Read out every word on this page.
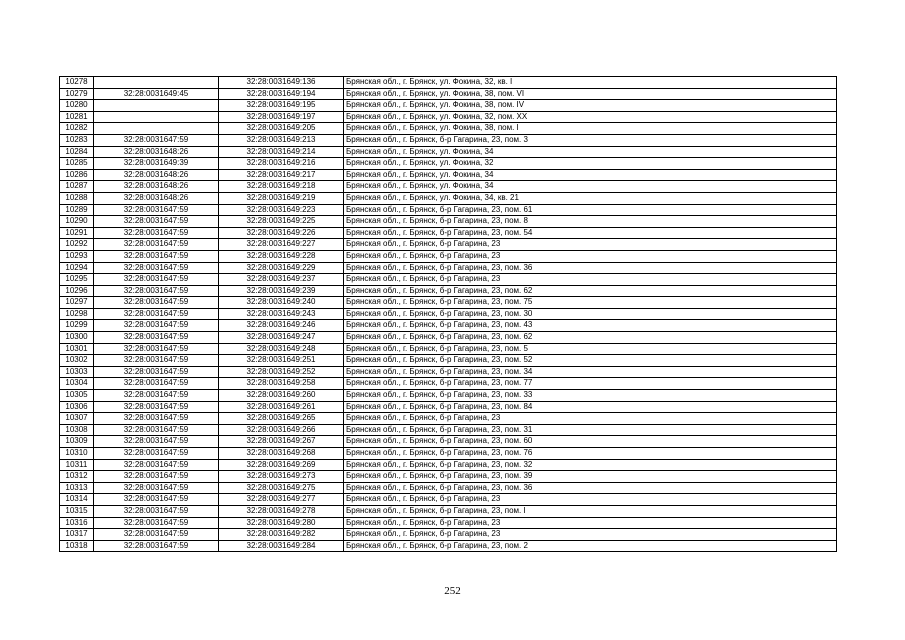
10278		32:28:0031649:136	Брянская обл., г. Брянск, ул. Фокина, 32, кв. I
10279	32:28:0031649:45	32:28:0031649:194	Брянская обл., г. Брянск, ул. Фокина, 38, пом. VI
10280		32:28:0031649:195	Брянская обл., г. Брянск, ул. Фокина, 38, пом. IV
10281		32:28:0031649:197	Брянская обл., г. Брянск, ул. Фокина, 32, пом. XX
10282		32:28:0031649:205	Брянская обл., г. Брянск, ул. Фокина, 38, пом. I
10283	32:28:0031647:59	32:28:0031649:213	Брянская обл., г. Брянск, б-р Гагарина, 23, пом. 3
10284	32:28:0031648:26	32:28:0031649:214	Брянская обл., г. Брянск, ул. Фокина, 34
10285	32:28:0031649:39	32:28:0031649:216	Брянская обл., г. Брянск, ул. Фокина, 32
10286	32:28:0031648:26	32:28:0031649:217	Брянская обл., г. Брянск, ул. Фокина, 34
10287	32:28:0031648:26	32:28:0031649:218	Брянская обл., г. Брянск, ул. Фокина, 34
10288	32:28:0031648:26	32:28:0031649:219	Брянская обл., г. Брянск, ул. Фокина, 34, кв. 21
10289	32:28:0031647:59	32:28:0031649:223	Брянская обл., г. Брянск, б-р Гагарина, 23, пом. 61
10290	32:28:0031647:59	32:28:0031649:225	Брянская обл., г. Брянск, б-р Гагарина, 23, пом. 8
10291	32:28:0031647:59	32:28:0031649:226	Брянская обл., г. Брянск, б-р Гагарина, 23, пом. 54
10292	32:28:0031647:59	32:28:0031649:227	Брянская обл., г. Брянск, б-р Гагарина, 23
10293	32:28:0031647:59	32:28:0031649:228	Брянская обл., г. Брянск, б-р Гагарина, 23
10294	32:28:0031647:59	32:28:0031649:229	Брянская обл., г. Брянск, б-р Гагарина, 23, пом. 36
10295	32:28:0031647:59	32:28:0031649:237	Брянская обл., г. Брянск, б-р Гагарина, 23
10296	32:28:0031647:59	32:28:0031649:239	Брянская обл., г. Брянск, б-р Гагарина, 23, пом. 62
10297	32:28:0031647:59	32:28:0031649:240	Брянская обл., г. Брянск, б-р Гагарина, 23, пом. 75
10298	32:28:0031647:59	32:28:0031649:243	Брянская обл., г. Брянск, б-р Гагарина, 23, пом. 30
10299	32:28:0031647:59	32:28:0031649:246	Брянская обл., г. Брянск, б-р Гагарина, 23, пом. 43
10300	32:28:0031647:59	32:28:0031649:247	Брянская обл., г. Брянск, б-р Гагарина, 23, пом. 62
10301	32:28:0031647:59	32:28:0031649:248	Брянская обл., г. Брянск, б-р Гагарина, 23, пом. 5
10302	32:28:0031647:59	32:28:0031649:251	Брянская обл., г. Брянск, б-р Гагарина, 23, пом. 52
10303	32:28:0031647:59	32:28:0031649:252	Брянская обл., г. Брянск, б-р Гагарина, 23, пом. 34
10304	32:28:0031647:59	32:28:0031649:258	Брянская обл., г. Брянск, б-р Гагарина, 23, пом. 77
10305	32:28:0031647:59	32:28:0031649:260	Брянская обл., г. Брянск, б-р Гагарина, 23, пом. 33
10306	32:28:0031647:59	32:28:0031649:261	Брянская обл., г. Брянск, б-р Гагарина, 23, пом. 84
10307	32:28:0031647:59	32:28:0031649:265	Брянская обл., г. Брянск, б-р Гагарина, 23
10308	32:28:0031647:59	32:28:0031649:266	Брянская обл., г. Брянск, б-р Гагарина, 23, пом. 31
10309	32:28:0031647:59	32:28:0031649:267	Брянская обл., г. Брянск, б-р Гагарина, 23, пом. 60
10310	32:28:0031647:59	32:28:0031649:268	Брянская обл., г. Брянск, б-р Гагарина, 23, пом. 76
10311	32:28:0031647:59	32:28:0031649:269	Брянская обл., г. Брянск, б-р Гагарина, 23, пом. 32
10312	32:28:0031647:59	32:28:0031649:273	Брянская обл., г. Брянск, б-р Гагарина, 23, пом. 39
10313	32:28:0031647:59	32:28:0031649:275	Брянская обл., г. Брянск, б-р Гагарина, 23, пом. 36
10314	32:28:0031647:59	32:28:0031649:277	Брянская обл., г. Брянск, б-р Гагарина, 23
10315	32:28:0031647:59	32:28:0031649:278	Брянская обл., г. Брянск, б-р Гагарина, 23, пом. I
10316	32:28:0031647:59	32:28:0031649:280	Брянская обл., г. Брянск, б-р Гагарина, 23
10317	32:28:0031647:59	32:28:0031649:282	Брянская обл., г. Брянск, б-р Гагарина, 23
10318	32:28:0031647:59	32:28:0031649:284	Брянская обл., г. Брянск, б-р Гагарина, 23, пом. 2
252
